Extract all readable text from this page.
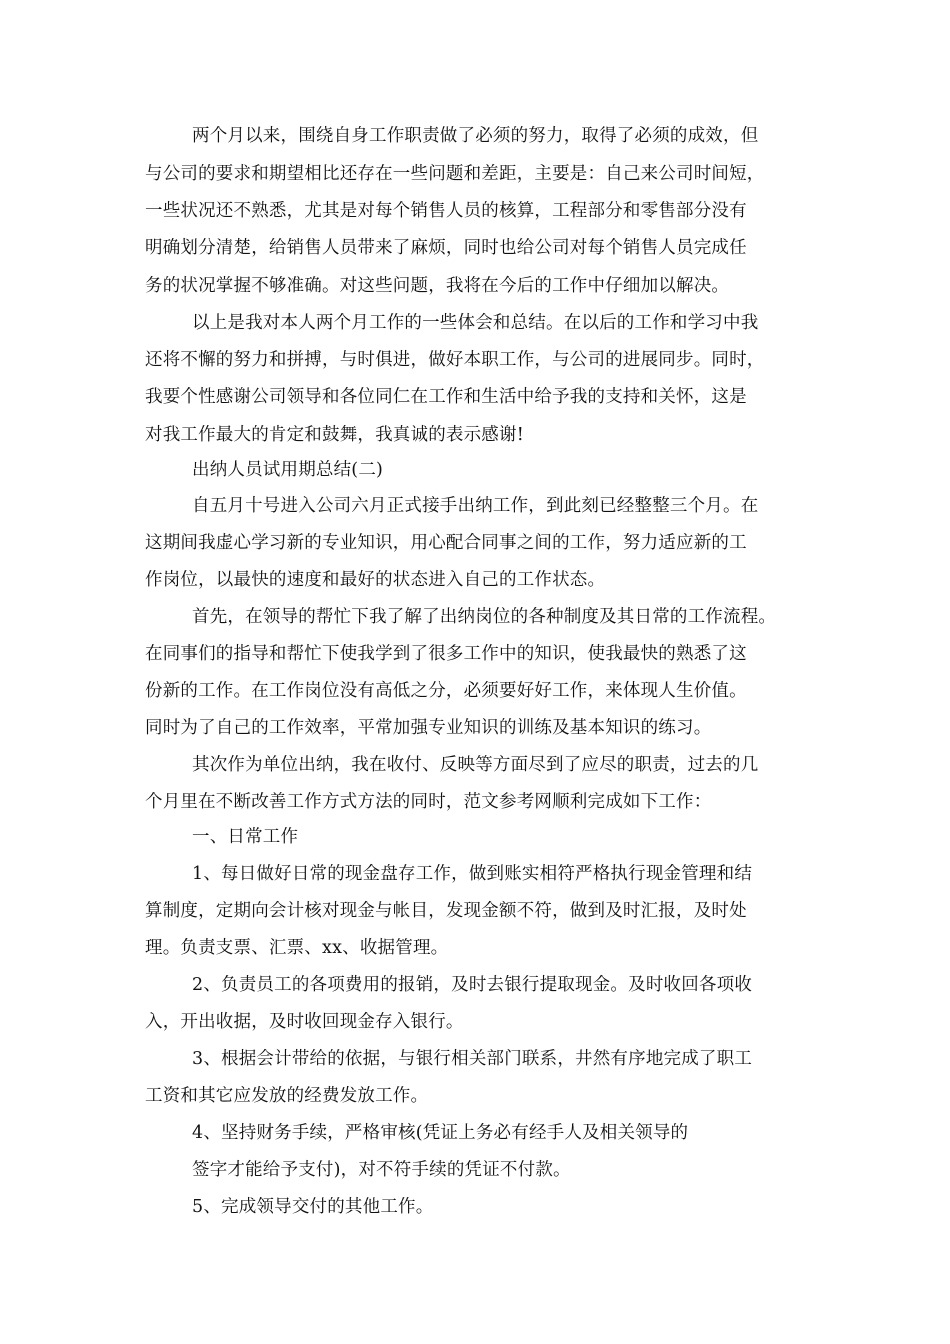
两个月以来，围绕自身工作职责做了必须的努力，取得了必须的成效，但
与公司的要求和期望相比还存在一些问题和差距，主要是：自己来公司时间短，
一些状况还不熟悉，尤其是对每个销售人员的核算，工程部分和零售部分没有
明确划分清楚，给销售人员带来了麻烦，同时也给公司对每个销售人员完成任
务的状况掌握不够准确。对这些问题，我将在今后的工作中仔细加以解决。
以上是我对本人两个月工作的一些体会和总结。在以后的工作和学习中我
还将不懈的努力和拼搏，与时俱进，做好本职工作，与公司的进展同步。同时，
我要个性感谢公司领导和各位同仁在工作和生活中给予我的支持和关怀，这是
对我工作最大的肯定和鼓舞，我真诚的表示感谢!
出纳人员试用期总结(二)
自五月十号进入公司六月正式接手出纳工作，到此刻已经整整三个月。在
这期间我虚心学习新的专业知识，用心配合同事之间的工作，努力适应新的工
作岗位，以最快的速度和最好的状态进入自己的工作状态。
首先，在领导的帮忙下我了解了出纳岗位的各种制度及其日常的工作流程。
在同事们的指导和帮忙下使我学到了很多工作中的知识，使我最快的熟悉了这
份新的工作。在工作岗位没有高低之分，必须要好好工作，来体现人生价值。
同时为了自己的工作效率，平常加强专业知识的训练及基本知识的练习。
其次作为单位出纳，我在收付、反映等方面尽到了应尽的职责，过去的几
个月里在不断改善工作方式方法的同时，范文参考网顺利完成如下工作：
一、日常工作
1、每日做好日常的现金盘存工作，做到账实相符严格执行现金管理和结
算制度，定期向会计核对现金与帐目，发现金额不符，做到及时汇报，及时处
理。负责支票、汇票、xx、收据管理。
2、负责员工的各项费用的报销，及时去银行提取现金。及时收回各项收
入，开出收据，及时收回现金存入银行。
3、根据会计带给的依据，与银行相关部门联系，井然有序地完成了职工
工资和其它应发放的经费发放工作。
4、坚持财务手续，严格审核(凭证上务必有经手人及相关领导的
签字才能给予支付)，对不符手续的凭证不付款。
5、完成领导交付的其他工作。
